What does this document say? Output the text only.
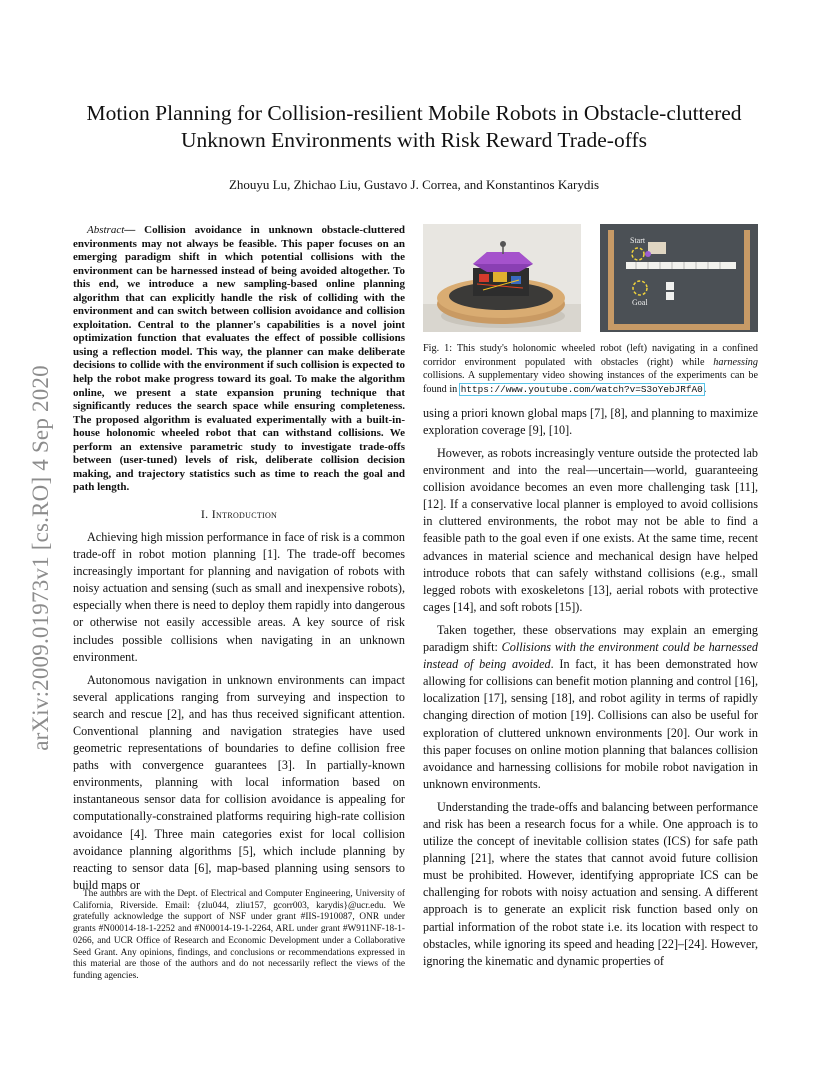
arXiv:2009.01973v1 [cs.RO] 4 Sep 2020
Motion Planning for Collision-resilient Mobile Robots in Obstacle-cluttered
Unknown Environments with Risk Reward Trade-offs
Zhouyu Lu, Zhichao Liu, Gustavo J. Correa, and Konstantinos Karydis

Abstract— Collision avoidance in unknown obstacle-cluttered environments may not always be feasible. This paper focuses on an emerging paradigm shift in which potential collisions with the environment can be harnessed instead of being avoided altogether. To this end, we introduce a new sampling-based online planning algorithm that can explicitly handle the risk of colliding with the environment and can switch between collision avoidance and collision exploitation. Central to the planner's capabilities is a novel joint optimization function that evaluates the effect of possible collisions using a reflection model. This way, the planner can make deliberate decisions to collide with the environment if such collision is expected to help the robot make progress toward its goal. To make the algorithm online, we present a state expansion pruning technique that significantly reduces the search space while ensuring completeness. The proposed algorithm is evaluated experimentally with a built-in-house holonomic wheeled robot that can withstand collisions. We perform an extensive parametric study to investigate trade-offs between (user-tuned) levels of risk, deliberate collision decision making, and trajectory statistics such as time to reach the goal and path length.

I. Introduction

Achieving high mission performance in face of risk is a common trade-off in robot motion planning [1]. The trade-off becomes increasingly important for planning and navigation of robots with noisy actuation and sensing (such as small and inexpensive robots), especially when there is need to deploy them rapidly into dangerous or otherwise not easily accessible areas. A key source of risk includes possible collisions when navigating in an unknown environment.

Autonomous navigation in unknown environments can impact several applications ranging from surveying and inspection to search and rescue [2], and has thus received significant attention. Conventional planning and navigation strategies have used geometric representations of boundaries to define collision free paths with convergence guarantees [3]. In partially-known environments, planning with local information based on instantaneous sensor data for collision avoidance is appealing for computationally-constrained platforms requiring high-rate collision avoidance [4]. Three main categories exist for local collision avoidance planning algorithms [5], which include planning by reacting to sensor data [6], map-based planning using sensors to build maps or

The authors are with the Dept. of Electrical and Computer Engineering, University of California, Riverside. Email: {zlu044, zliu157, gcorr003, karydis}@ucr.edu. We gratefully acknowledge the support of NSF under grant #IIS-1910087, ONR under grants #N00014-18-1-2252 and #N00014-19-1-2264, ARL under grant #W911NF-18-1-0266, and UCR Office of Research and Economic Development under a Collaborative Seed Grant. Any opinions, findings, and conclusions or recommendations expressed in this material are those of the authors and do not necessarily reflect the views of the funding agencies.

Start
Goal

Fig. 1: This study's holonomic wheeled robot (left) navigating in a confined corridor environment populated with obstacles (right) while harnessing collisions. A supplementary video showing instances of the experiments can be found in https://www.youtube.com/watch?v=S3oYebJRfA0.

using a priori known global maps [7], [8], and planning to maximize exploration coverage [9], [10].

However, as robots increasingly venture outside the protected lab environment and into the real—uncertain—world, guaranteeing collision avoidance becomes an even more challenging task [11], [12]. If a conservative local planner is employed to avoid collisions in cluttered environments, the robot may not be able to find a feasible path to the goal even if one exists. At the same time, recent advances in material science and mechanical design have helped introduce robots that can safely withstand collisions (e.g., small legged robots with exoskeletons [13], aerial robots with protective cages [14], and soft robots [15]).

Taken together, these observations may explain an emerging paradigm shift: Collisions with the environment could be harnessed instead of being avoided. In fact, it has been demonstrated how allowing for collisions can benefit motion planning and control [16], localization [17], sensing [18], and robot agility in terms of rapidly changing direction of motion [19]. Collisions can also be useful for exploration of cluttered unknown environments [20]. Our work in this paper focuses on online motion planning that balances collision avoidance and harnessing collisions for mobile robot navigation in unknown environments.

Understanding the trade-offs and balancing between performance and risk has been a research focus for a while. One approach is to utilize the concept of inevitable collision states (ICS) for safe path planning [21], where the states that cannot avoid future collision must be prohibited. However, identifying appropriate ICS can be challenging for robots with noisy actuation and sensing. A different approach is to generate an explicit risk function based only on partial information of the robot state i.e. its location with respect to obstacles, while ignoring its speed and heading [22]–[24]. However, ignoring the kinematic and dynamic properties of
